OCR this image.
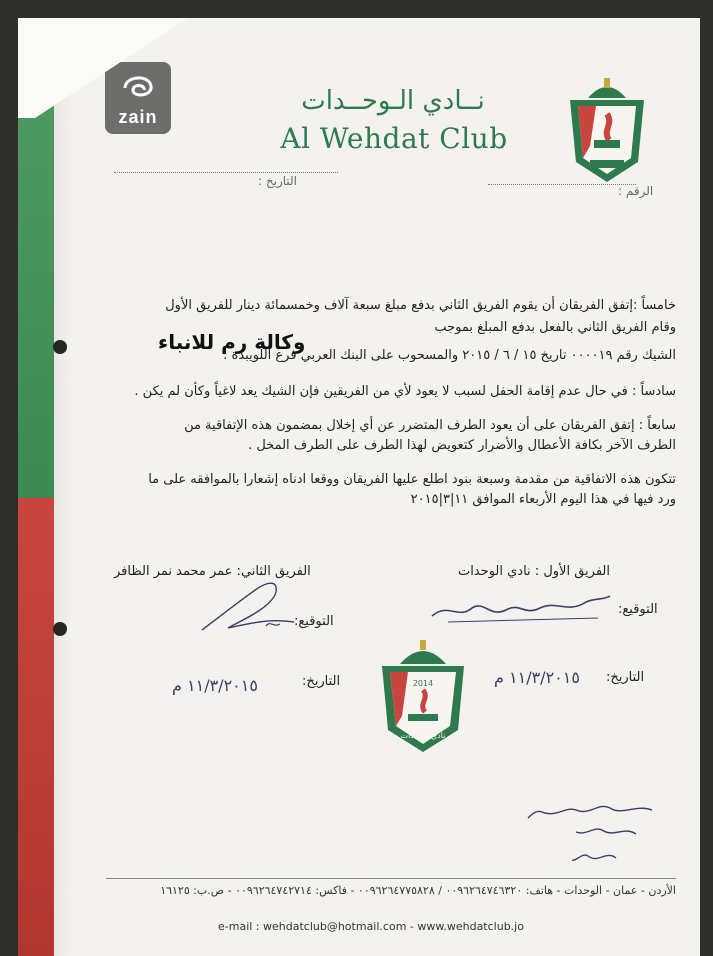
zain
نــادي الـوحــدات
Al Wehdat Club
التاريخ :
الرقم :
خامساً :إتفق الفريقان أن يقوم الفريق الثاني بدفع مبلغ سبعة آلاف وخمسمائة دينار للفريق الأول
وقام الفريق الثاني بالفعل بدفع المبلغ بموجب
وكالة رم للانباء
الشيك رقم ٠٠٠٠١٩ تاريخ ١٥ / ٦ / ٢٠١٥ والمسحوب على البنك العربي فرع اللويبدة .
سادساً : في حال عدم إقامة الحفل لسبب لا يعود لأي من الفريقين فإن الشيك يعد لاغياً وكأن لم يكن .
سابعاً : إتفق الفريقان على أن يعود الطرف المتضرر عن أي إخلال بمضمون هذه الإتفاقية من
الطرف الآخر بكافة الأعطال والأضرار كتعويض لهذا الطرف على الطرف المخل .
تتكون هذه الاتفاقية من مقدمة وسبعة بنود اطلع عليها الفريقان ووقعا ادناه إشعارا بالموافقه على ما
ورد فيها في هذا اليوم الأربعاء الموافق ١١|٣|٢٠١٥
الفريق الأول : نادي الوحدات
الفريق الثاني: عمر محمد نمر الظافر
التوقيع:
التوقيع:
التاريخ:
١١/٣/٢٠١٥ م
التاريخ:
١١/٣/٢٠١٥ م	2014
نادي الوحدات
الأردن - عمان - الوحدات - هاتف: ٠٠٩٦٢٦٤٧٤٦٣٢٠ / ٠٠٩٦٢٦٤٧٧٥٨٢٨ - فاكس: ٠٠٩٦٢٦٤٧٤٢٧١٤ - ص.ب: ١٦١٢٥
e-mail : wehdatclub@hotmail.com - www.wehdatclub.jo
